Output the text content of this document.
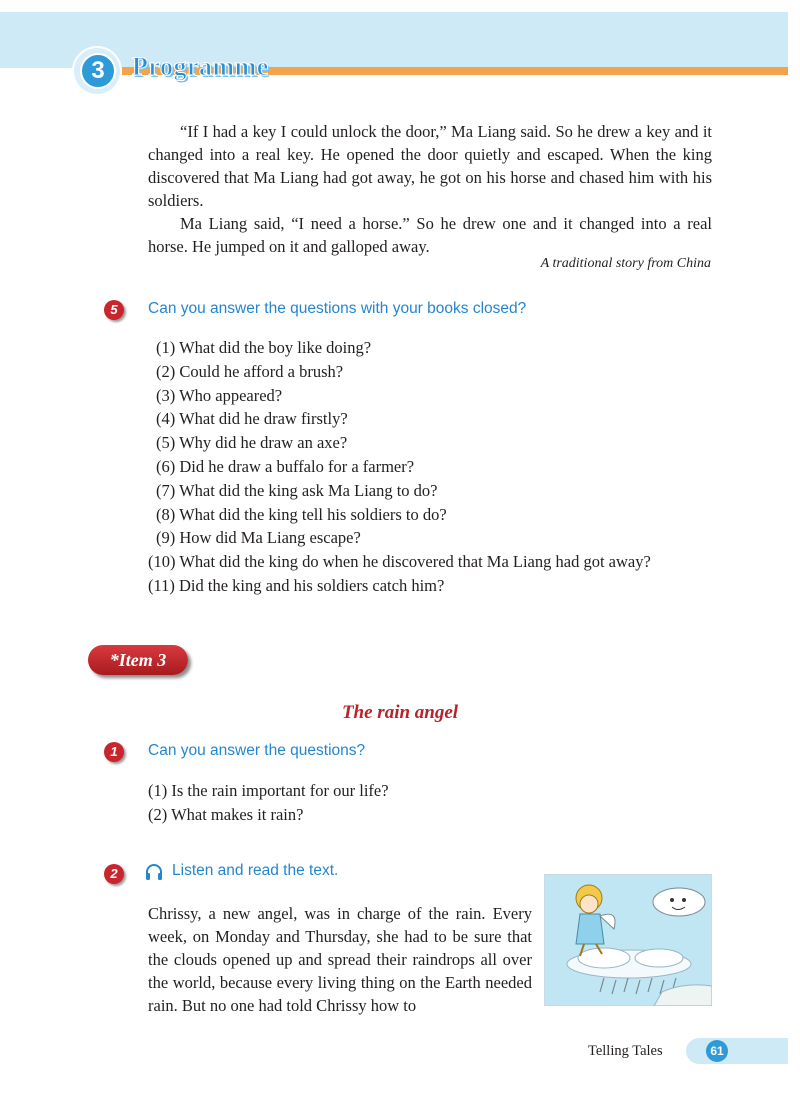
3	Programme

“If I had a key I could unlock the door,” Ma Liang said. So he drew a key and it changed into a real key. He opened the door quietly and escaped. When the king discovered that Ma Liang had got away, he got on his horse and chased him with his soldiers.

Ma Liang said, “I need a horse.” So he drew one and it changed into a real horse. He jumped on it and galloped away.

A traditional story from China
5	Can you answer the questions with your books closed?
(1) What did the boy like doing?
(2) Could he afford a brush?
(3) Who appeared?
(4) What did he draw firstly?
(5) Why did he draw an axe?
(6) Did he draw a buffalo for a farmer?
(7) What did the king ask Ma Liang to do?
(8) What did the king tell his soldiers to do?
(9) How did Ma Liang escape?
(10) What did the king do when he discovered that Ma Liang had got away?
(11) Did the king and his soldiers catch him?
*Item 3
The rain angel
1	Can you answer the questions?
(1) Is the rain important for our life?
(2) What makes it rain?
2	Listen and read the text.

Chrissy, a new angel, was in charge of the rain. Every week, on Monday and Thursday, she had to be sure that the clouds opened up and spread their raindrops all over the world, because every living thing on the Earth needed rain. But no one had told Chrissy how to

Telling Tales	61
